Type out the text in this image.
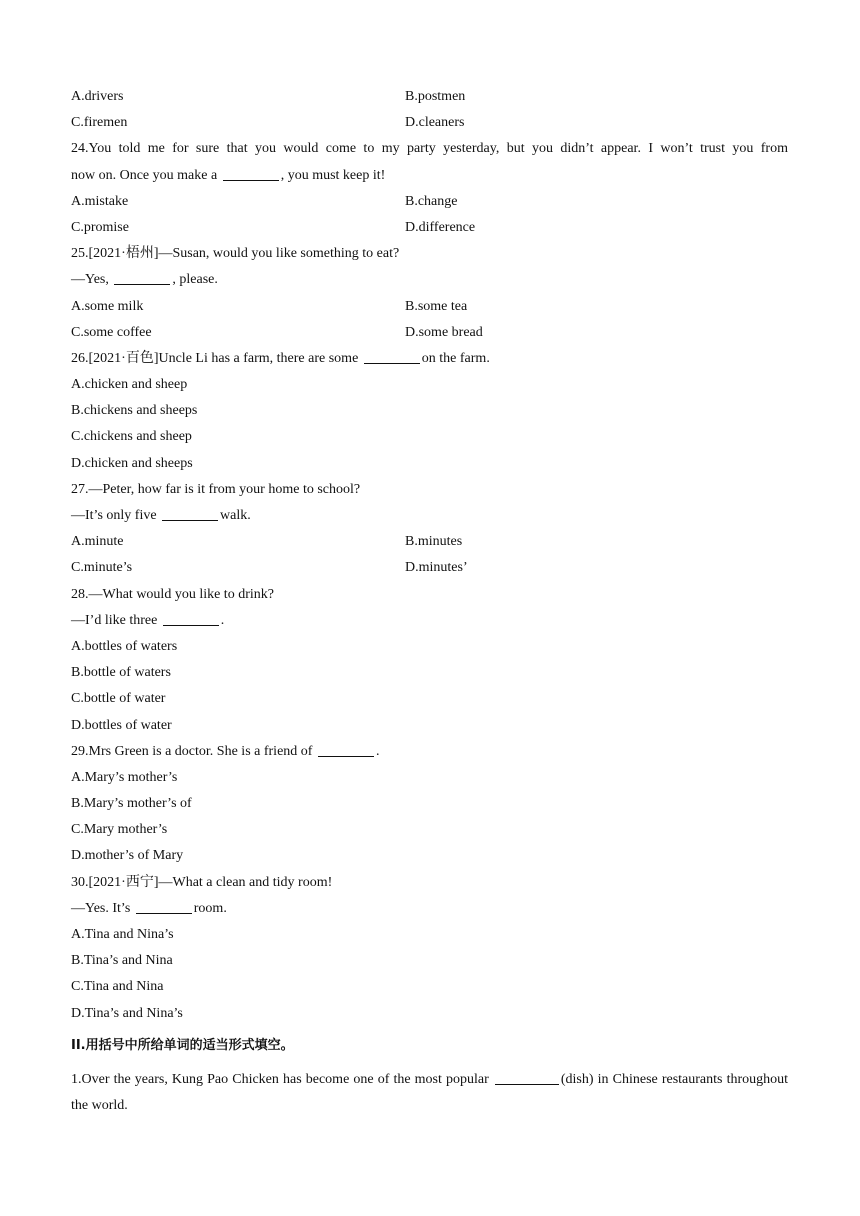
A.drivers	B.postmen
C.firemen	D.cleaners
24.You told me for sure that you would come to my party yesterday, but you didn’t appear. I won’t trust you from
now on. Once you make a	, you must keep it!
A.mistake	B.change
C.promise	D.difference
25.[2021·梧州]—Susan, would you like something to eat?
—Yes,	, please.
A.some milk	B.some tea
C.some coffee	D.some bread
26.[2021·百色]Uncle Li has a farm, there are some	on the farm.
A.chicken and sheep
B.chickens and sheeps
C.chickens and sheep
D.chicken and sheeps
27.—Peter, how far is it from your home to school?
—It’s only five	walk.
A.minute	B.minutes
C.minute’s	D.minutes’
28.—What would you like to drink?
—I’d like three	.
A.bottles of waters
B.bottle of waters
C.bottle of water
D.bottles of water
29.Mrs Green is a doctor. She is a friend of	.
A.Mary’s mother’s
B.Mary’s mother’s of
C.Mary mother’s
D.mother’s of Mary
30.[2021·西宁]—What a clean and tidy room!
—Yes. It’s	room.
A.Tina and Nina’s
B.Tina’s and Nina
C.Tina and Nina
D.Tina’s and Nina’s
II.用括号中所给单词的适当形式填空。
1.Over the years, Kung Pao Chicken has become one of the most popular	(dish) in Chinese restaurants throughout the world.
